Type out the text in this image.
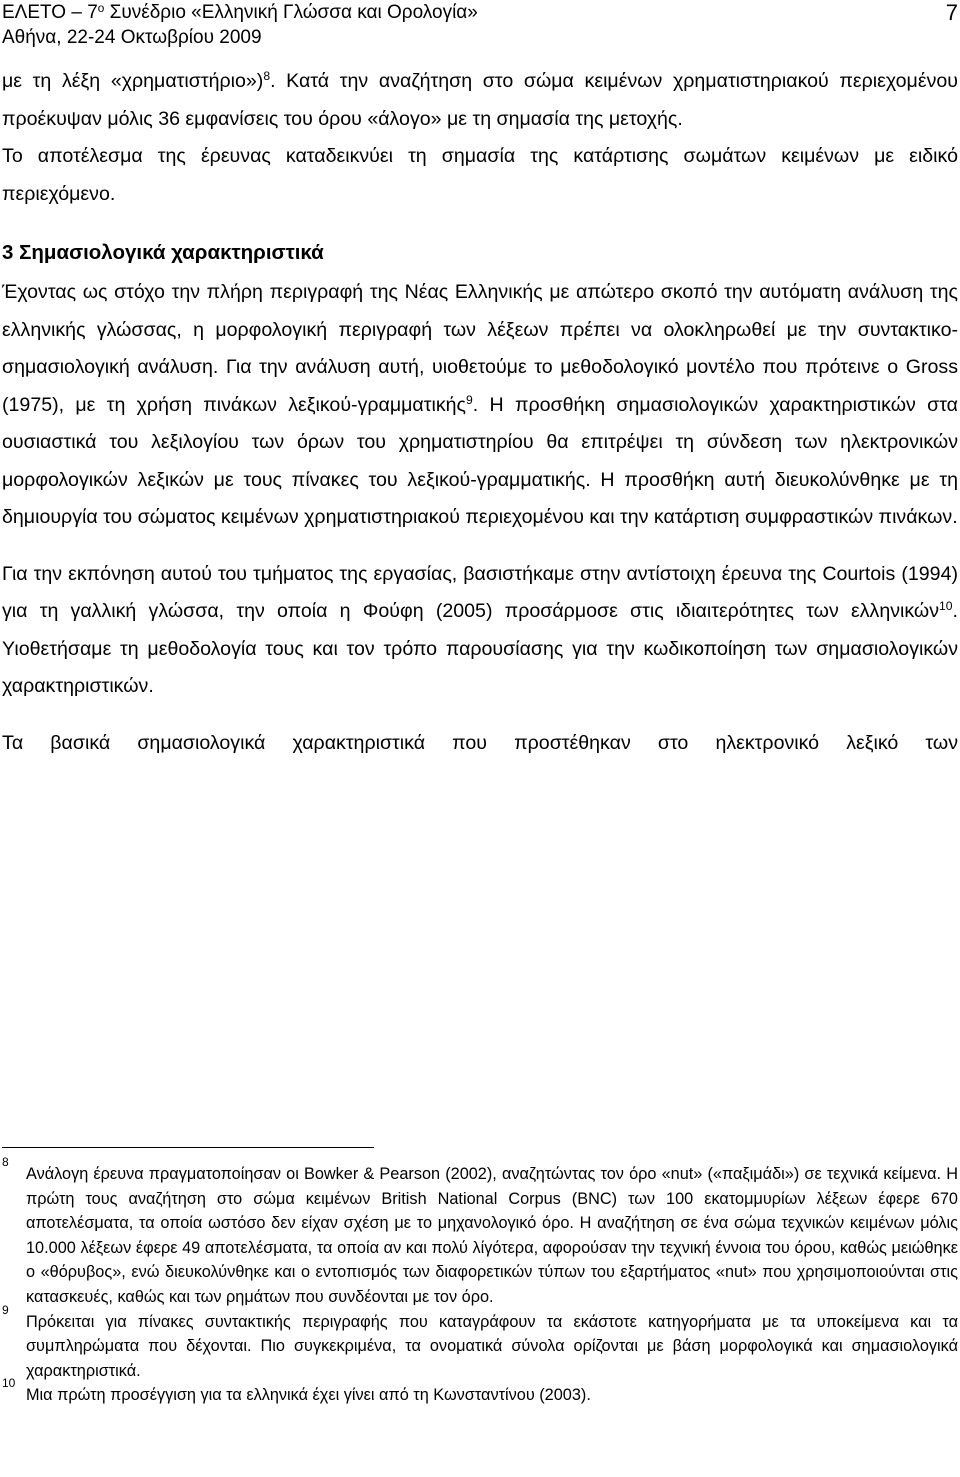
ΕΛΕΤΟ – $7^o$ Συνέδριο «Ελληνική Γλώσσα και Ορολογία»
Αθήνα, 22-24 Οκτωβρίου 2009
7

με τη λέξη «χρηματιστήριο»)$^8$. Κατά την αναζήτηση στο σώμα κειμένων χρηματιστηριακού περιεχομένου προέκυψαν μόλις 36 εμφανίσεις του όρου «άλογο» με τη σημασία της μετοχής.

Το αποτέλεσμα της έρευνας καταδεικνύει τη σημασία της κατάρτισης σωμάτων κειμένων με ειδικό περιεχόμενο.

3 Σημασιολογικά χαρακτηριστικά

Έχοντας ως στόχο την πλήρη περιγραφή της Νέας Ελληνικής με απώτερο σκοπό την αυτόματη ανάλυση της ελληνικής γλώσσας, η μορφολογική περιγραφή των λέξεων πρέπει να ολοκληρωθεί με την συντακτικο-σημασιολογική ανάλυση. Για την ανάλυση αυτή, υιοθετούμε το μεθοδολογικό μοντέλο που πρότεινε ο Gross (1975), με τη χρήση πινάκων λεξικού-γραμματικής$^9$. Η προσθήκη σημασιολογικών χαρακτηριστικών στα ουσιαστικά του λεξιλογίου των όρων του χρηματιστηρίου θα επιτρέψει τη σύνδεση των ηλεκτρονικών μορφολογικών λεξικών με τους πίνακες του λεξικού-γραμματικής. Η προσθήκη αυτή διευκολύνθηκε με τη δημιουργία του σώματος κειμένων χρηματιστηριακού περιεχομένου και την κατάρτιση συμφραστικών πινάκων.

Για την εκπόνηση αυτού του τμήματος της εργασίας, βασιστήκαμε στην αντίστοιχη έρευνα της Courtois (1994) για τη γαλλική γλώσσα, την οποία η Φούφη (2005) προσάρμοσε στις ιδιαιτερότητες των ελληνικών$^{10}$. Υιοθετήσαμε τη μεθοδολογία τους και τον τρόπο παρουσίασης για την κωδικοποίηση των σημασιολογικών χαρακτηριστικών.

Τα βασικά σημασιολογικά χαρακτηριστικά που προστέθηκαν στο ηλεκτρονικό λεξικό των

8
Ανάλογη έρευνα πραγματοποίησαν οι Bowker & Pearson (2002), αναζητώντας τον όρο «nut» («παξιμάδι») σε τεχνικά κείμενα. Η πρώτη τους αναζήτηση στο σώμα κειμένων British National Corpus (BNC) των 100 εκατομμυρίων λέξεων έφερε 670 αποτελέσματα, τα οποία ωστόσο δεν είχαν σχέση με το μηχανολογικό όρο. Η αναζήτηση σε ένα σώμα τεχνικών κειμένων μόλις 10.000 λέξεων έφερε 49 αποτελέσματα, τα οποία αν και πολύ λίγότερα, αφορούσαν την τεχνική έννοια του όρου, καθώς μειώθηκε ο «θόρυβος», ενώ διευκολύνθηκε και ο εντοπισμός των διαφορετικών τύπων του εξαρτήματος «nut» που χρησιμοποιούνται στις κατασκευές, καθώς και των ρημάτων που συνδέονται με τον όρο.

9
Πρόκειται για πίνακες συντακτικής περιγραφής που καταγράφουν τα εκάστοτε κατηγορήματα με τα υποκείμενα και τα συμπληρώματα που δέχονται. Πιο συγκεκριμένα, τα ονοματικά σύνολα ορίζονται με βάση μορφολογικά και σημασιολογικά χαρακτηριστικά.

10
Μια πρώτη προσέγγιση για τα ελληνικά έχει γίνει από τη Κωνσταντίνου (2003).
